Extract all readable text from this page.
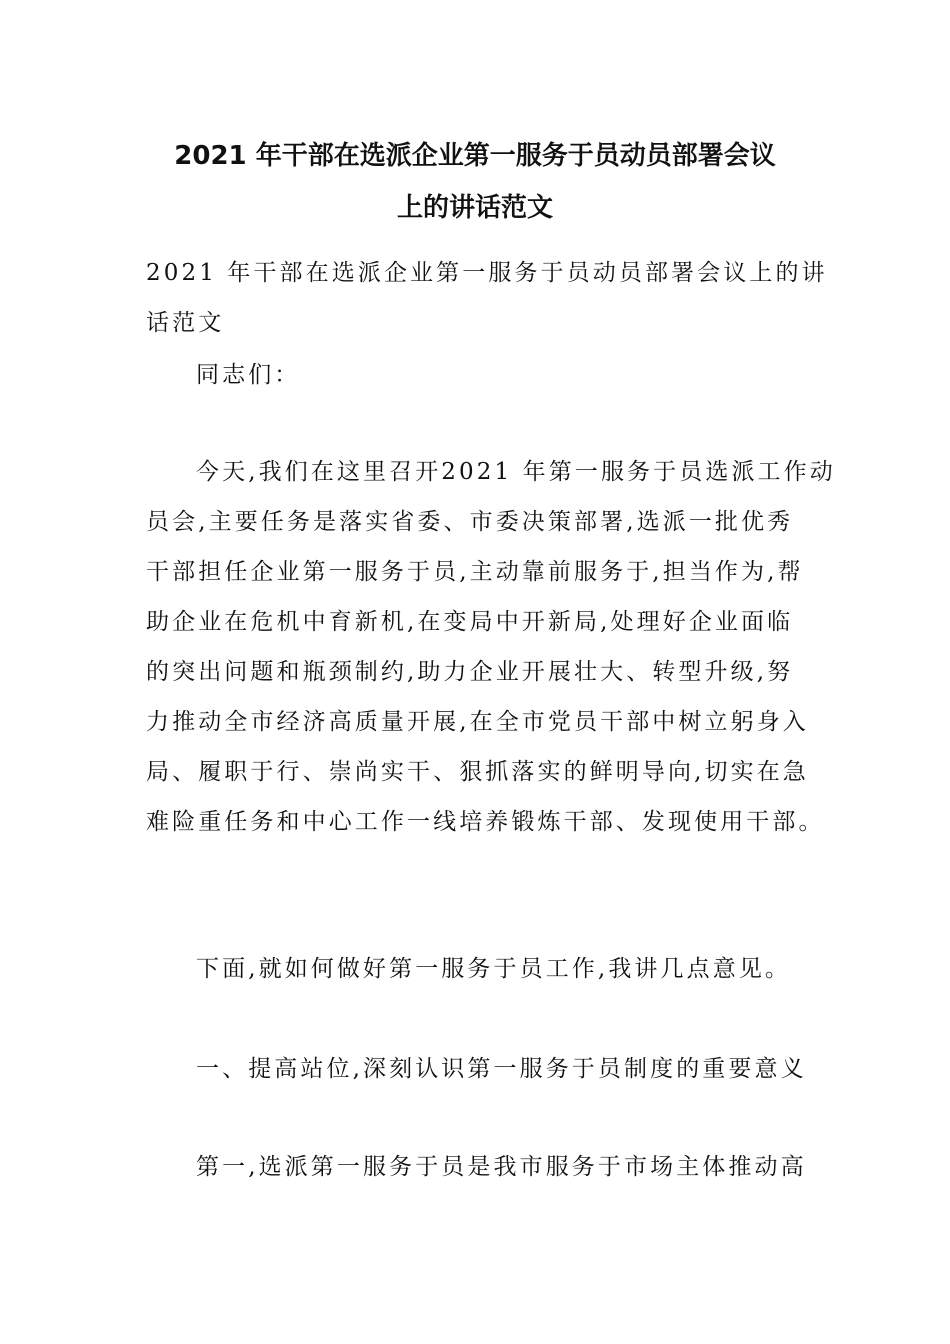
2021 年干部在选派企业第一服务于员动员部署会议
上的讲话范文

2021 年干部在选派企业第一服务于员动员部署会议上的讲

话范文

同志们：

今天,我们在这里召开2021 年第一服务于员选派工作动

员会,主要任务是落实省委、市委决策部署,选派一批优秀

干部担任企业第一服务于员,主动靠前服务于,担当作为,帮

助企业在危机中育新机,在变局中开新局,处理好企业面临

的突出问题和瓶颈制约,助力企业开展壮大、转型升级,努

力推动全市经济高质量开展,在全市党员干部中树立躬身入

局、履职于行、崇尚实干、狠抓落实的鲜明导向,切实在急

难险重任务和中心工作一线培养锻炼干部、发现使用干部。

下面,就如何做好第一服务于员工作,我讲几点意见。

一、提高站位,深刻认识第一服务于员制度的重要意义

第一,选派第一服务于员是我市服务于市场主体推动高
